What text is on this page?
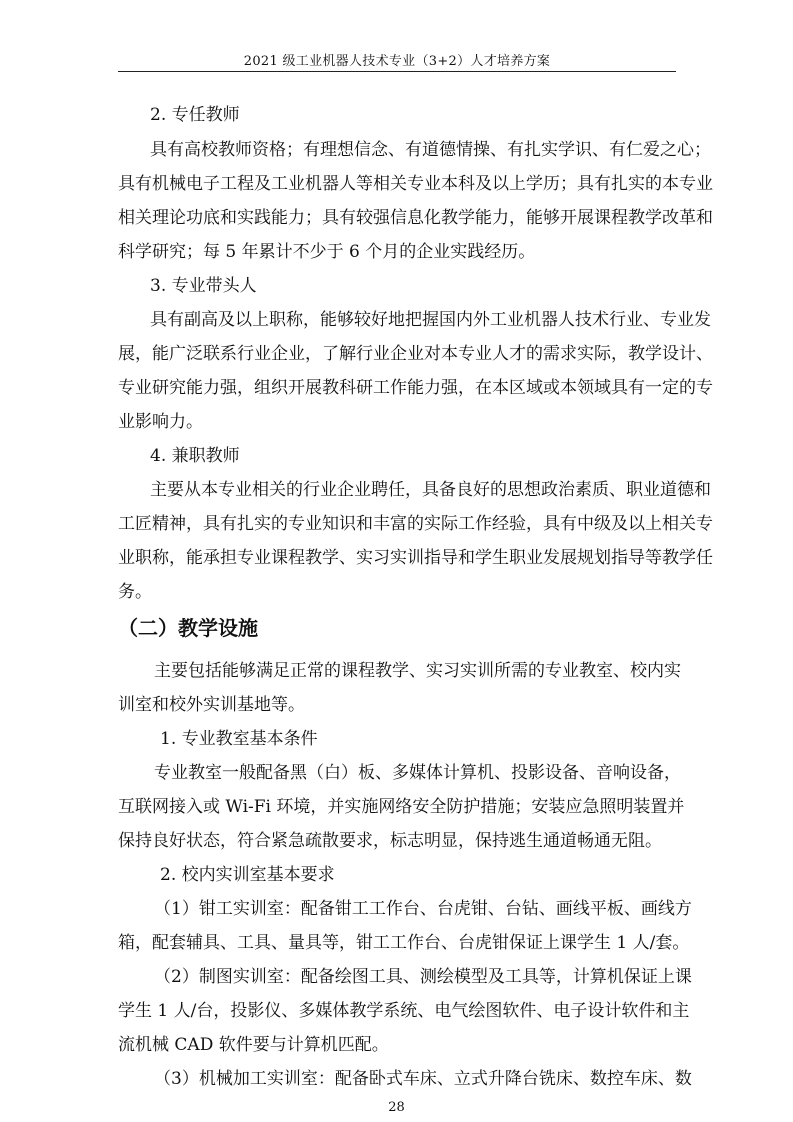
2021 级工业机器人技术专业（3+2）人才培养方案
2. 专任教师
具有高校教师资格；有理想信念、有道德情操、有扎实学识、有仁爱之心；
具有机械电子工程及工业机器人等相关专业本科及以上学历；具有扎实的本专业
相关理论功底和实践能力；具有较强信息化教学能力，能够开展课程教学改革和
科学研究；每 5 年累计不少于 6 个月的企业实践经历。
3. 专业带头人
具有副高及以上职称，能够较好地把握国内外工业机器人技术行业、专业发
展，能广泛联系行业企业，了解行业企业对本专业人才的需求实际，教学设计、
专业研究能力强，组织开展教科研工作能力强，在本区域或本领域具有一定的专
业影响力。
4. 兼职教师
主要从本专业相关的行业企业聘任，具备良好的思想政治素质、职业道德和
工匠精神，具有扎实的专业知识和丰富的实际工作经验，具有中级及以上相关专
业职称，能承担专业课程教学、实习实训指导和学生职业发展规划指导等教学任
务。
（二）教学设施
主要包括能够满足正常的课程教学、实习实训所需的专业教室、校内实
训室和校外实训基地等。
1. 专业教室基本条件
专业教室一般配备黑（白）板、多媒体计算机、投影设备、音响设备，
互联网接入或 Wi-Fi 环境，并实施网络安全防护措施；安装应急照明装置并
保持良好状态，符合紧急疏散要求，标志明显，保持逃生通道畅通无阻。
2. 校内实训室基本要求
（1）钳工实训室：配备钳工工作台、台虎钳、台钻、画线平板、画线方
箱，配套辅具、工具、量具等，钳工工作台、台虎钳保证上课学生 1 人/套。
（2）制图实训室：配备绘图工具、测绘模型及工具等，计算机保证上课
学生 1 人/台，投影仪、多媒体教学系统、电气绘图软件、电子设计软件和主
流机械 CAD 软件要与计算机匹配。
（3）机械加工实训室：配备卧式车床、立式升降台铣床、数控车床、数
28
